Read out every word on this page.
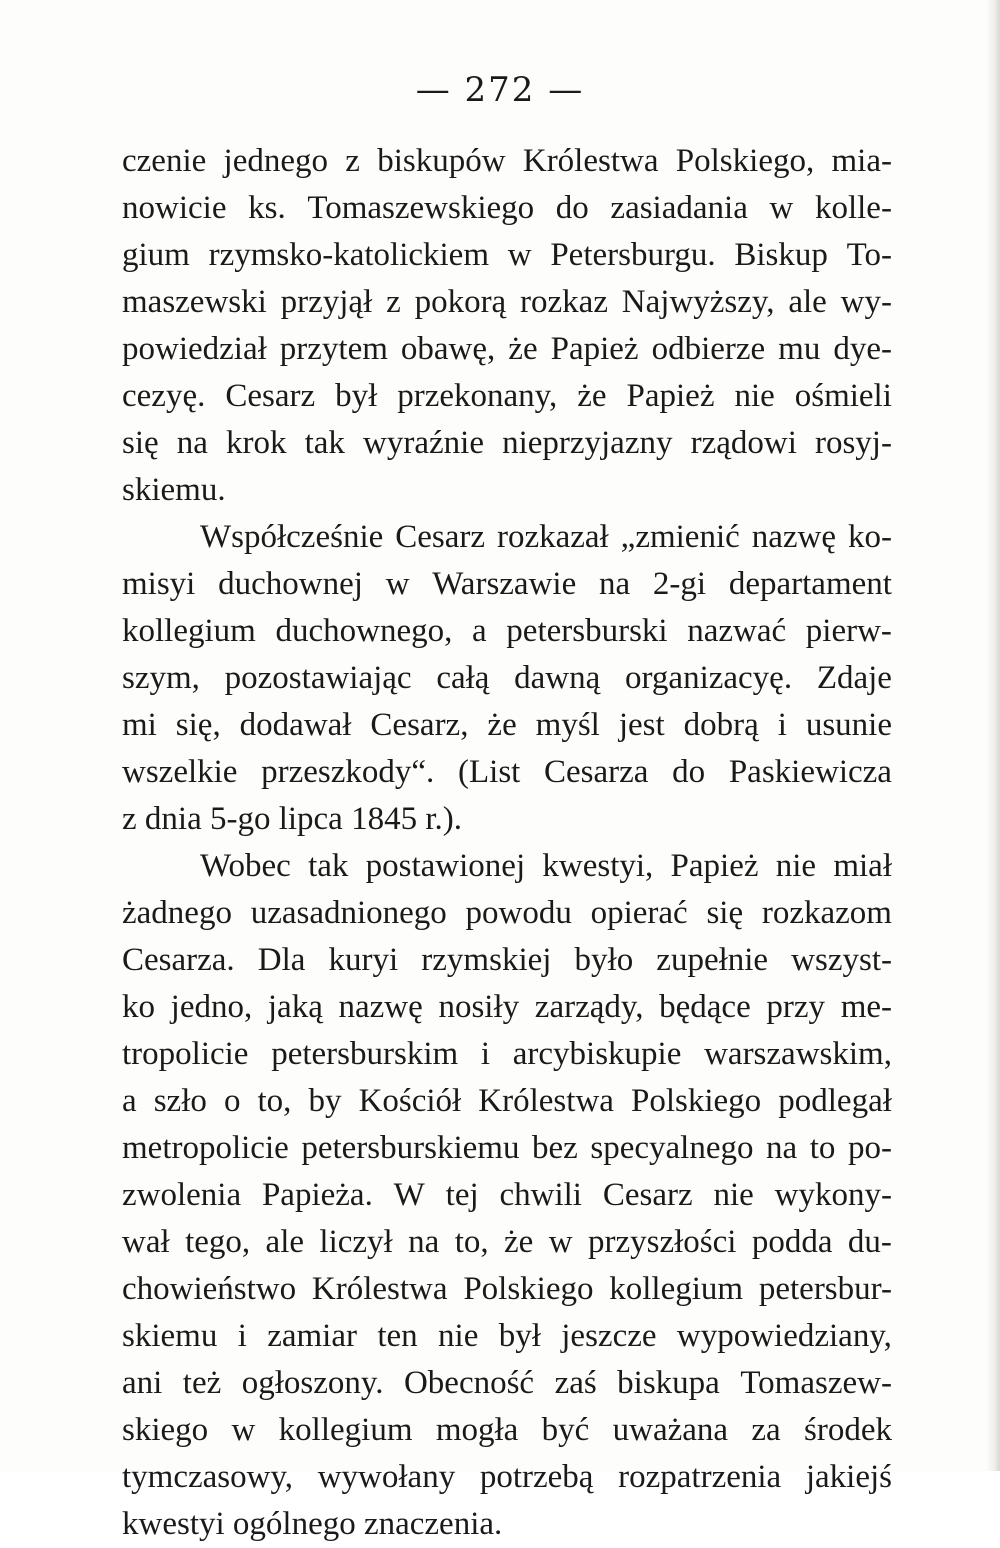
— 272 —
czenie jednego z biskupów Królestwa Polskiego, mia-
nowicie ks. Tomaszewskiego do zasiadania w kolle-
gium rzymsko-katolickiem w Petersburgu. Biskup To-
maszewski przyjął z pokorą rozkaz Najwyższy, ale wy-
powiedział przytem obawę, że Papież odbierze mu dye-
cezyę. Cesarz był przekonany, że Papież nie ośmieli
się na krok tak wyraźnie nieprzyjazny rządowi rosyj-
skiemu.
Współcześnie Cesarz rozkazał „zmienić nazwę ko-
misyi duchownej w Warszawie na 2-gi departament
kollegium duchownego, a petersburski nazwać pierw-
szym, pozostawiając całą dawną organizacyę. Zdaje
mi się, dodawał Cesarz, że myśl jest dobrą i usunie
wszelkie przeszkody“. (List Cesarza do Paskiewicza
z dnia 5-go lipca 1845 r.).
Wobec tak postawionej kwestyi, Papież nie miał
żadnego uzasadnionego powodu opierać się rozkazom
Cesarza. Dla kuryi rzymskiej było zupełnie wszyst-
ko jedno, jaką nazwę nosiły zarządy, będące przy me-
tropolicie petersburskim i arcybiskupie warszawskim,
a szło o to, by Kościół Królestwa Polskiego podlegał
metropolicie petersburskiemu bez specyalnego na to po-
zwolenia Papieża. W tej chwili Cesarz nie wykony-
wał tego, ale liczył na to, że w przyszłości podda du-
chowieństwo Królestwa Polskiego kollegium petersbur-
skiemu i zamiar ten nie był jeszcze wypowiedziany,
ani też ogłoszony. Obecność zaś biskupa Tomaszew-
skiego w kollegium mogła być uważana za środek
tymczasowy, wywołany potrzebą rozpatrzenia jakiejś
kwestyi ogólnego znaczenia.
